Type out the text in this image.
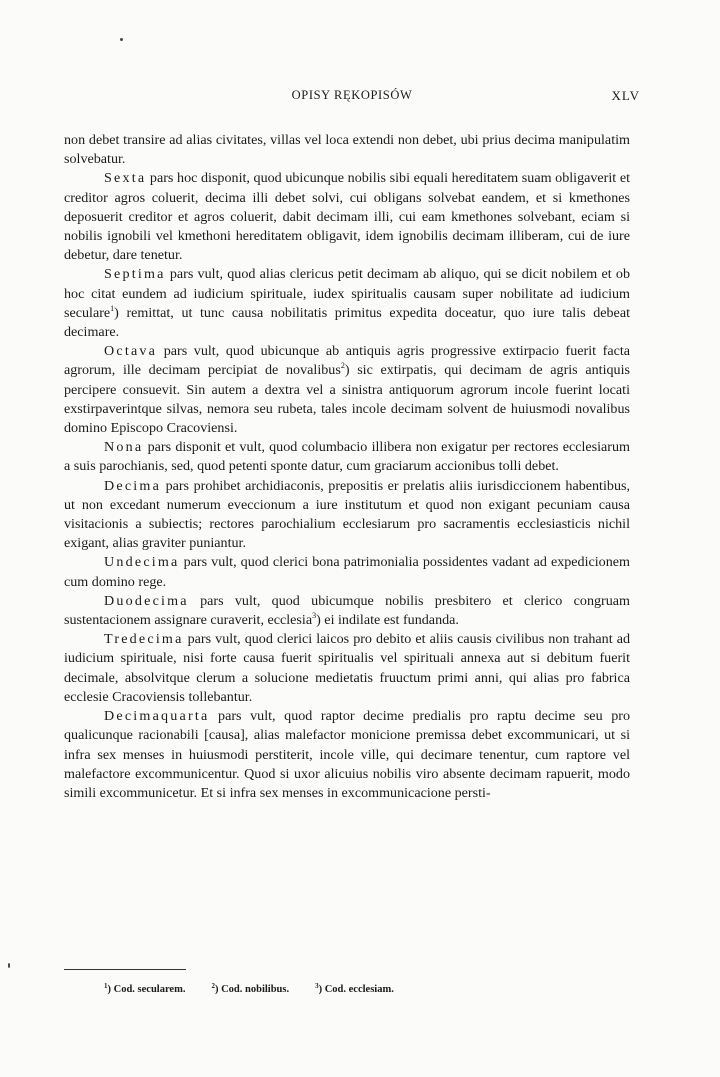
OPISY RĘKOPISÓW	XLV

non debet transire ad alias civitates, villas vel loca extendi non debet, ubi prius decima manipulatim solvebatur.

Sexta pars hoc disponit, quod ubicunque nobilis sibi equali hereditatem suam obligaverit et creditor agros coluerit, decima illi debet solvi, cui obligans solvebat eandem, et si kmethones deposuerit creditor et agros coluerit, dabit decimam illi, cui eam kmethones solvebant, eciam si nobilis ignobili vel kmethoni hereditatem obligavit, idem ignobilis decimam illiberam, cui de iure debetur, dare tenetur.

Septima pars vult, quod alias clericus petit decimam ab aliquo, qui se dicit nobilem et ob hoc citat eundem ad iudicium spirituale, iudex spiritualis causam super nobilitate ad iudicium seculare$^1$) remittat, ut tunc causa nobilitatis primitus expedita doceatur, quo iure talis debeat decimare.

Octava pars vult, quod ubicunque ab antiquis agris progressive extirpacio fuerit facta agrorum, ille decimam percipiat de novalibus$^2$) sic extirpatis, qui decimam de agris antiquis percipere consuevit. Sin autem a dextra vel a sinistra antiquorum agrorum incole fuerint locati exstirpaverintque silvas, nemora seu rubeta, tales incole decimam solvent de huiusmodi novalibus domino Episcopo Cracoviensi.

Nona pars disponit et vult, quod columbacio illibera non exigatur per rectores ecclesiarum a suis parochianis, sed, quod petenti sponte datur, cum graciarum accionibus tolli debet.

Decima pars prohibet archidiaconis, prepositis er prelatis aliis iurisdiccionem habentibus, ut non excedant numerum eveccionum a iure institutum et quod non exigant pecuniam causa visitacionis a subiectis; rectores parochialium ecclesiarum pro sacramentis ecclesiasticis nichil exigant, alias graviter puniantur.

Undecima pars vult, quod clerici bona patrimonialia possidentes vadant ad expedicionem cum domino rege.

Duodecima pars vult, quod ubicumque nobilis presbitero et clerico congruam sustentacionem assignare curaverit, ecclesia$^3$) ei indilate est fundanda.

Tredecima pars vult, quod clerici laicos pro debito et aliis causis civilibus non trahant ad iudicium spirituale, nisi forte causa fuerit spiritualis vel spirituali annexa aut si debitum fuerit decimale, absolvitque clerum a solucione medietatis fruuctum primi anni, qui alias pro fabrica ecclesie Cracoviensis tollebantur.

Decimaquarta pars vult, quod raptor decime predialis pro raptu decime seu pro qualicunque racionabili [causa], alias malefactor monicione premissa debet excommunicari, ut si infra sex menses in huiusmodi perstiterit, incole ville, qui decimare tenentur, cum raptore vel malefactore excommunicentur. Quod si uxor alicuius nobilis viro absente decimam rapuerit, modo simili excommunicetur. Et si infra sex menses in excommunicacione persti-

$^1$) Cod. secularem.	$^2$) Cod. nobilibus.	$^3$) Cod. ecclesiam.
